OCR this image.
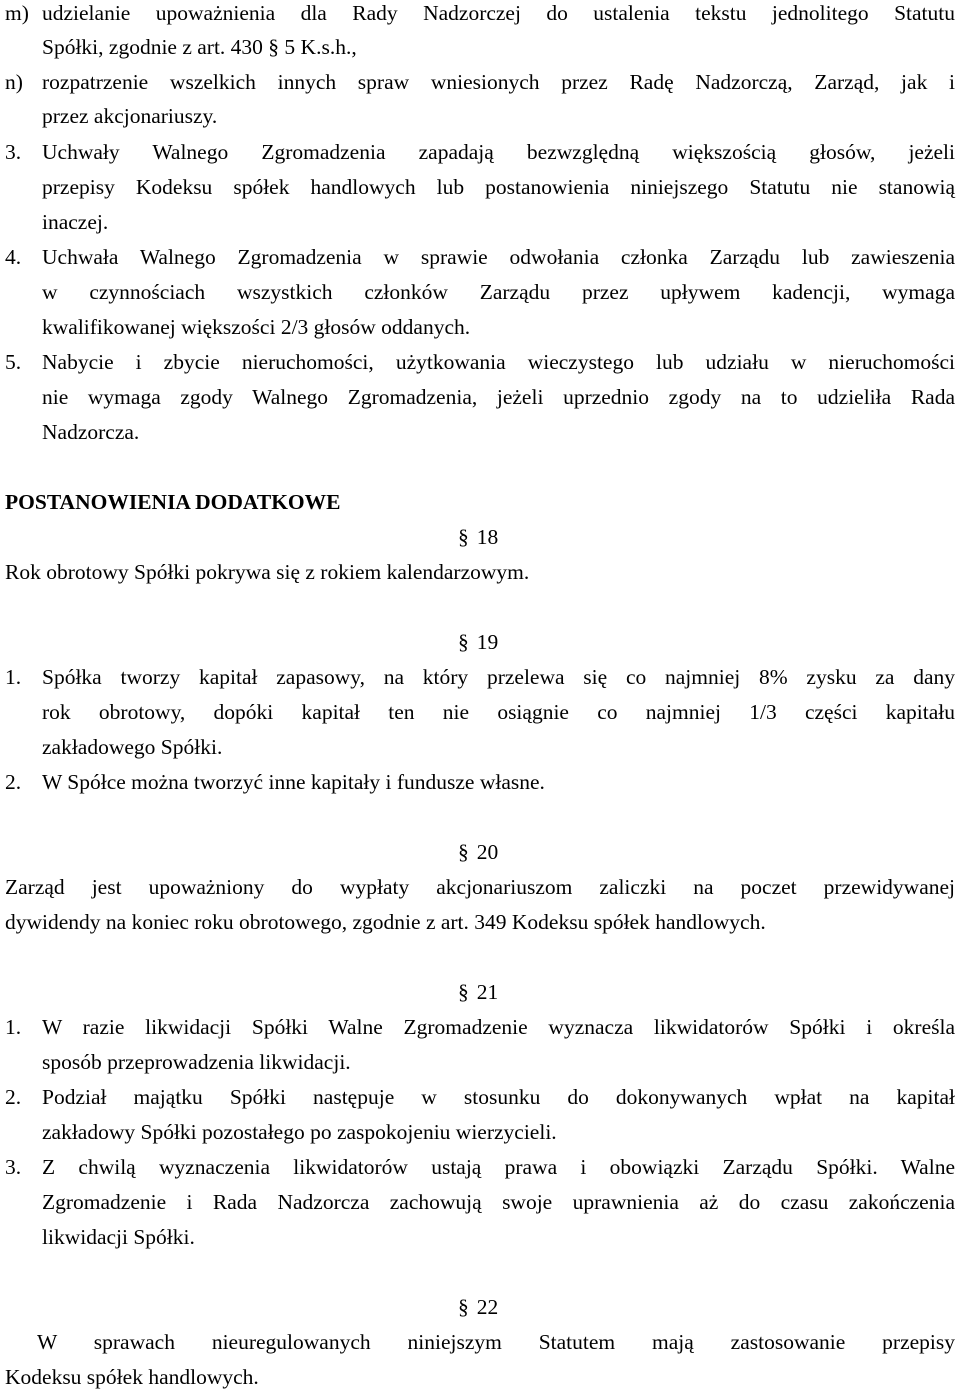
m) udzielanie upoważnienia dla Rady Nadzorczej do ustalenia tekstu jednolitego Statutu
Spółki, zgodnie z art. 430 § 5 K.s.h.,
n) rozpatrzenie wszelkich innych spraw wniesionych przez Radę Nadzorczą, Zarząd, jak i
przez akcjonariuszy.
3. Uchwały Walnego Zgromadzenia zapadają bezwzględną większością głosów, jeżeli
przepisy Kodeksu spółek handlowych lub postanowienia niniejszego Statutu nie stanowią
inaczej.
4. Uchwała Walnego Zgromadzenia w sprawie odwołania członka Zarządu lub zawieszenia
w czynnościach wszystkich członków Zarządu przez upływem kadencji, wymaga
kwalifikowanej większości 2/3 głosów oddanych.
5. Nabycie i zbycie nieruchomości, użytkowania wieczystego lub udziału w nieruchomości
nie wymaga zgody Walnego Zgromadzenia, jeżeli uprzednio zgody na to udzieliła Rada
Nadzorcza.
POSTANOWIENIA DODATKOWE
§ 18
Rok obrotowy Spółki pokrywa się z rokiem kalendarzowym.
§ 19
1. Spółka tworzy kapitał zapasowy, na który przelewa się co najmniej 8% zysku za dany
rok obrotowy, dopóki kapitał ten nie osiągnie co najmniej 1/3 części kapitału
zakładowego Spółki.
2. W Spółce można tworzyć inne kapitały i fundusze własne.
§ 20
Zarząd jest upoważniony do wypłaty akcjonariuszom zaliczki na poczet przewidywanej
dywidendy na koniec roku obrotowego, zgodnie z art. 349 Kodeksu spółek handlowych.
§ 21
1. W razie likwidacji Spółki Walne Zgromadzenie wyznacza likwidatorów Spółki i określa
sposób przeprowadzenia likwidacji.
2. Podział majątku Spółki następuje w stosunku do dokonywanych wpłat na kapitał
zakładowy Spółki pozostałego po zaspokojeniu wierzycieli.
3. Z chwilą wyznaczenia likwidatorów ustają prawa i obowiązki Zarządu Spółki. Walne
Zgromadzenie i Rada Nadzorcza zachowują swoje uprawnienia aż do czasu zakończenia
likwidacji Spółki.
§ 22
W sprawach nieuregulowanych niniejszym Statutem mają zastosowanie przepisy
Kodeksu spółek handlowych.
